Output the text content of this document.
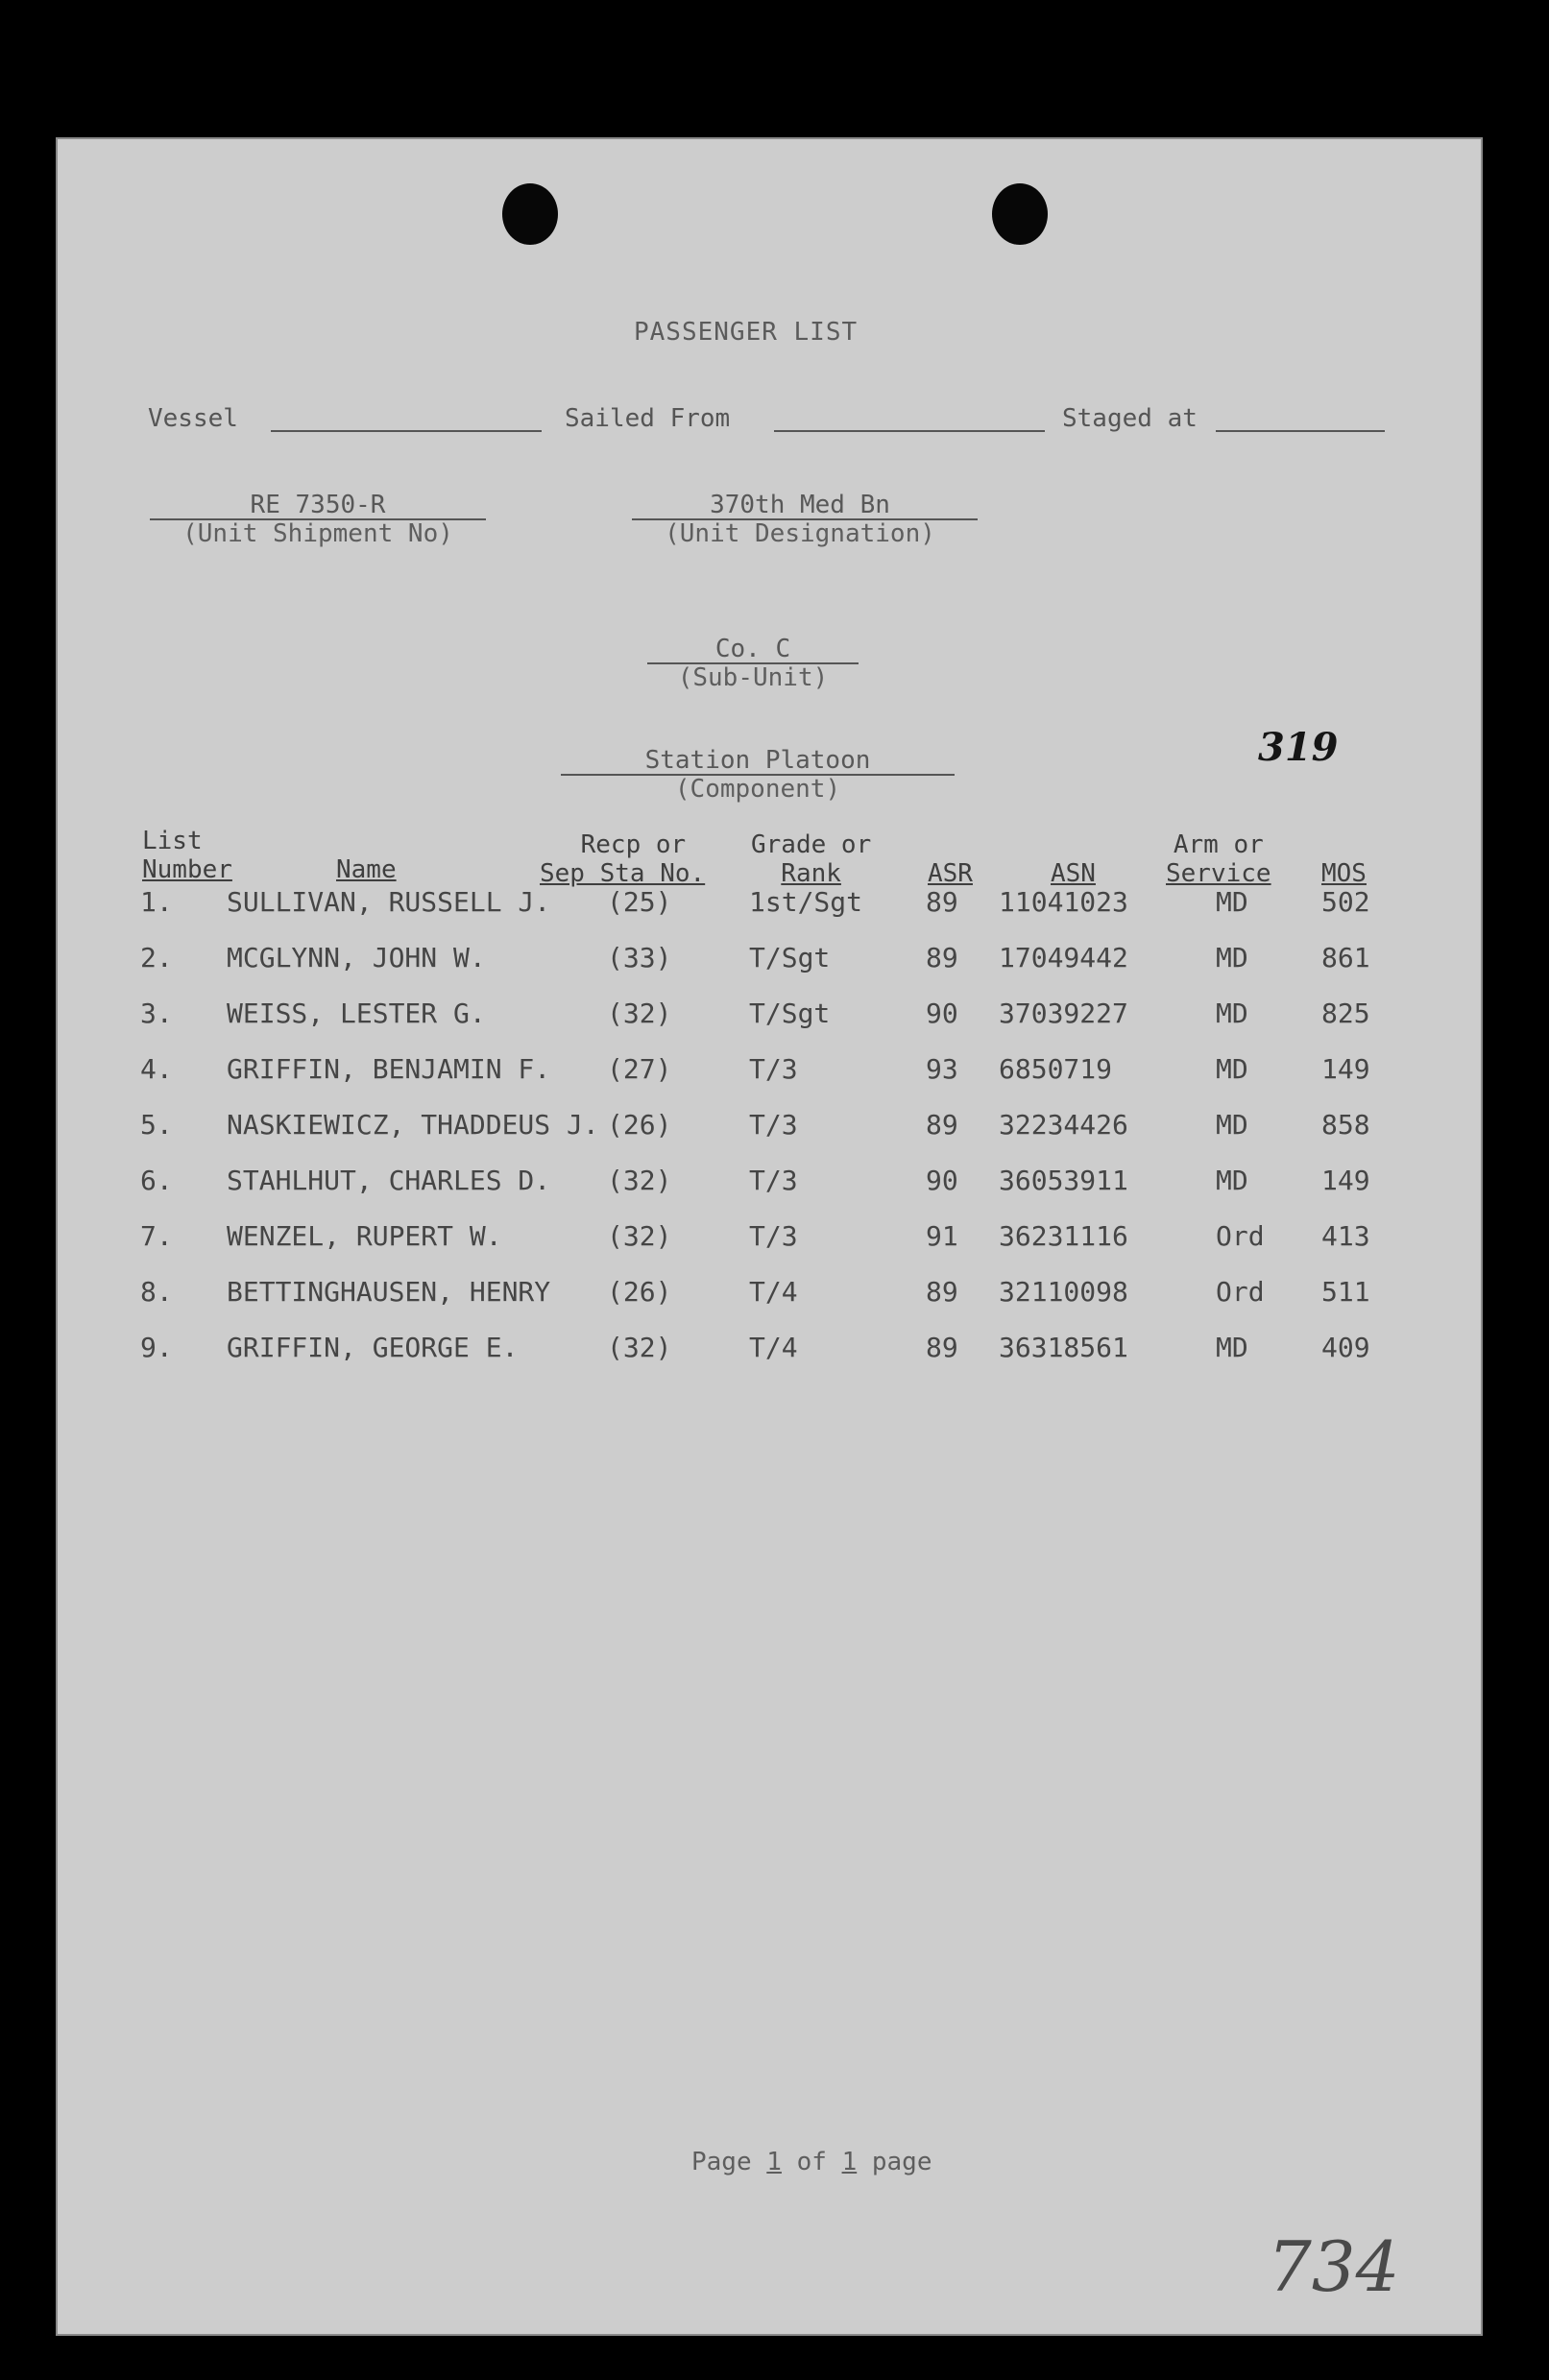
PASSENGER LIST
Vessel	Sailed From	Staged at
RE 7350-R
(Unit Shipment No)
370th Med Bn
(Unit Designation)
Co. C
(Sub-Unit)
Station Platoon
(Component)
319
List
Number	Name
Recp or
Sep Sta No.
Grade or
Rank	ASR	ASN
Arm or
Service MOS
1. SULLIVAN, RUSSELL J. (25)	1st/Sgt 89 11041023	MD	502
2. MCGLYNN, JOHN W.	(33)	T/Sgt	89 17049442	MD	861
3. WEISS, LESTER G.	(32)	T/Sgt	90 37039227	MD	825
4. GRIFFIN, BENJAMIN F. (27)	T/3	93 6850719	MD	149
5. NASKIEWICZ, THADDEUS J. (26)	T/3	89 32234426	MD	858
6. STAHLHUT, CHARLES D. (32)	T/3	90 36053911	MD	149
7. WENZEL, RUPERT W.	(32)	T/3	91 36231116	Ord 413
8. BETTINGHAUSEN, HENRY (26)	T/4	89 32110098	Ord 511
9. GRIFFIN, GEORGE E.	(32)	T/4	89 36318561	MD	409
Page 1 of 1 page
734
